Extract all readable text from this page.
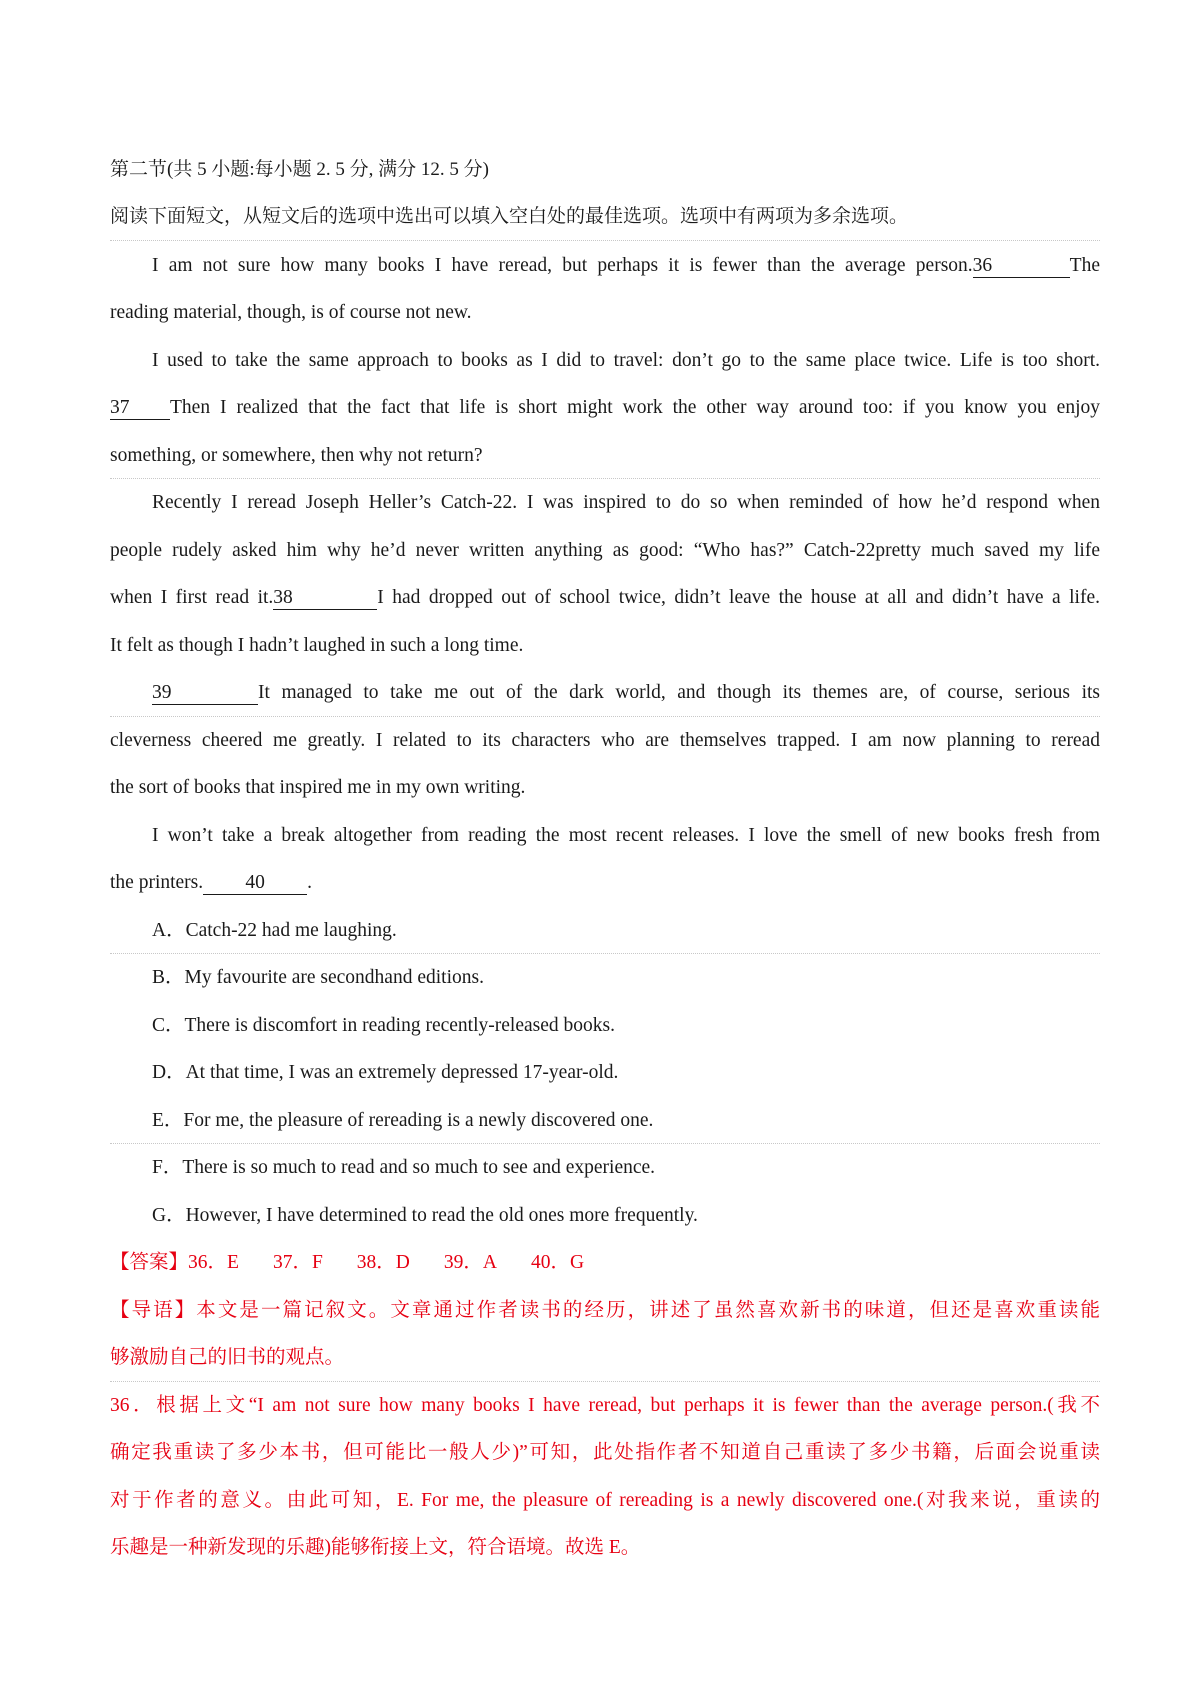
第二节(共 5 小题:每小题 2. 5 分, 满分 12. 5 分)
阅读下面短文，从短文后的选项中选出可以填入空白处的最佳选项。选项中有两项为多余选项。
I am not sure how many books I have reread, but perhaps it is fewer than the average person.36	The
reading material, though, is of course not new.
I used to take the same approach to books as I did to travel: don’t go to the same place twice. Life is too short.
37 Then I realized that the fact that life is short might work the other way around too: if you know you enjoy
something, or somewhere, then why not return?
Recently I reread Joseph Heller’s Catch-22. I was inspired to do so when reminded of how he’d respond when
people rudely asked him why he’d never written anything as good: “Who has?” Catch-22pretty much saved my life
when I first read it.38	I had dropped out of school twice, didn’t leave the house at all and didn’t have a life.
It felt as though I hadn’t laughed in such a long time.
39	It managed to take me out of the dark world, and though its themes are, of course, serious its
cleverness cheered me greatly. I related to its characters who are themselves trapped. I am now planning to reread
the sort of books that inspired me in my own writing.
I won’t take a break altogether from reading the most recent releases. I love the smell of new books fresh from
the printers. 40 .
A．Catch-22 had me laughing.
B．My favourite are secondhand editions.
C．There is discomfort in reading recently-released books.
D．At that time, I was an extremely depressed 17-year-old.
E．For me, the pleasure of rereading is a newly discovered one.
F．There is so much to read and so much to see and experience.
G．However, I have determined to read the old ones more frequently.
【答案】36．E 37．F 38．D 39．A 40．G
【导语】本文是一篇记叙文。文章通过作者读书的经历，讲述了虽然喜欢新书的味道，但还是喜欢重读能
够激励自己的旧书的观点。
36．根据上文“I am not sure how many books I have reread, but perhaps it is fewer than the average person.(我不
确定我重读了多少本书，但可能比一般人少)”可知，此处指作者不知道自己重读了多少书籍，后面会说重读
对于作者的意义。由此可知，E. For me, the pleasure of rereading is a newly discovered one.(对我来说，重读的
乐趣是一种新发现的乐趣)能够衔接上文，符合语境。故选 E。
